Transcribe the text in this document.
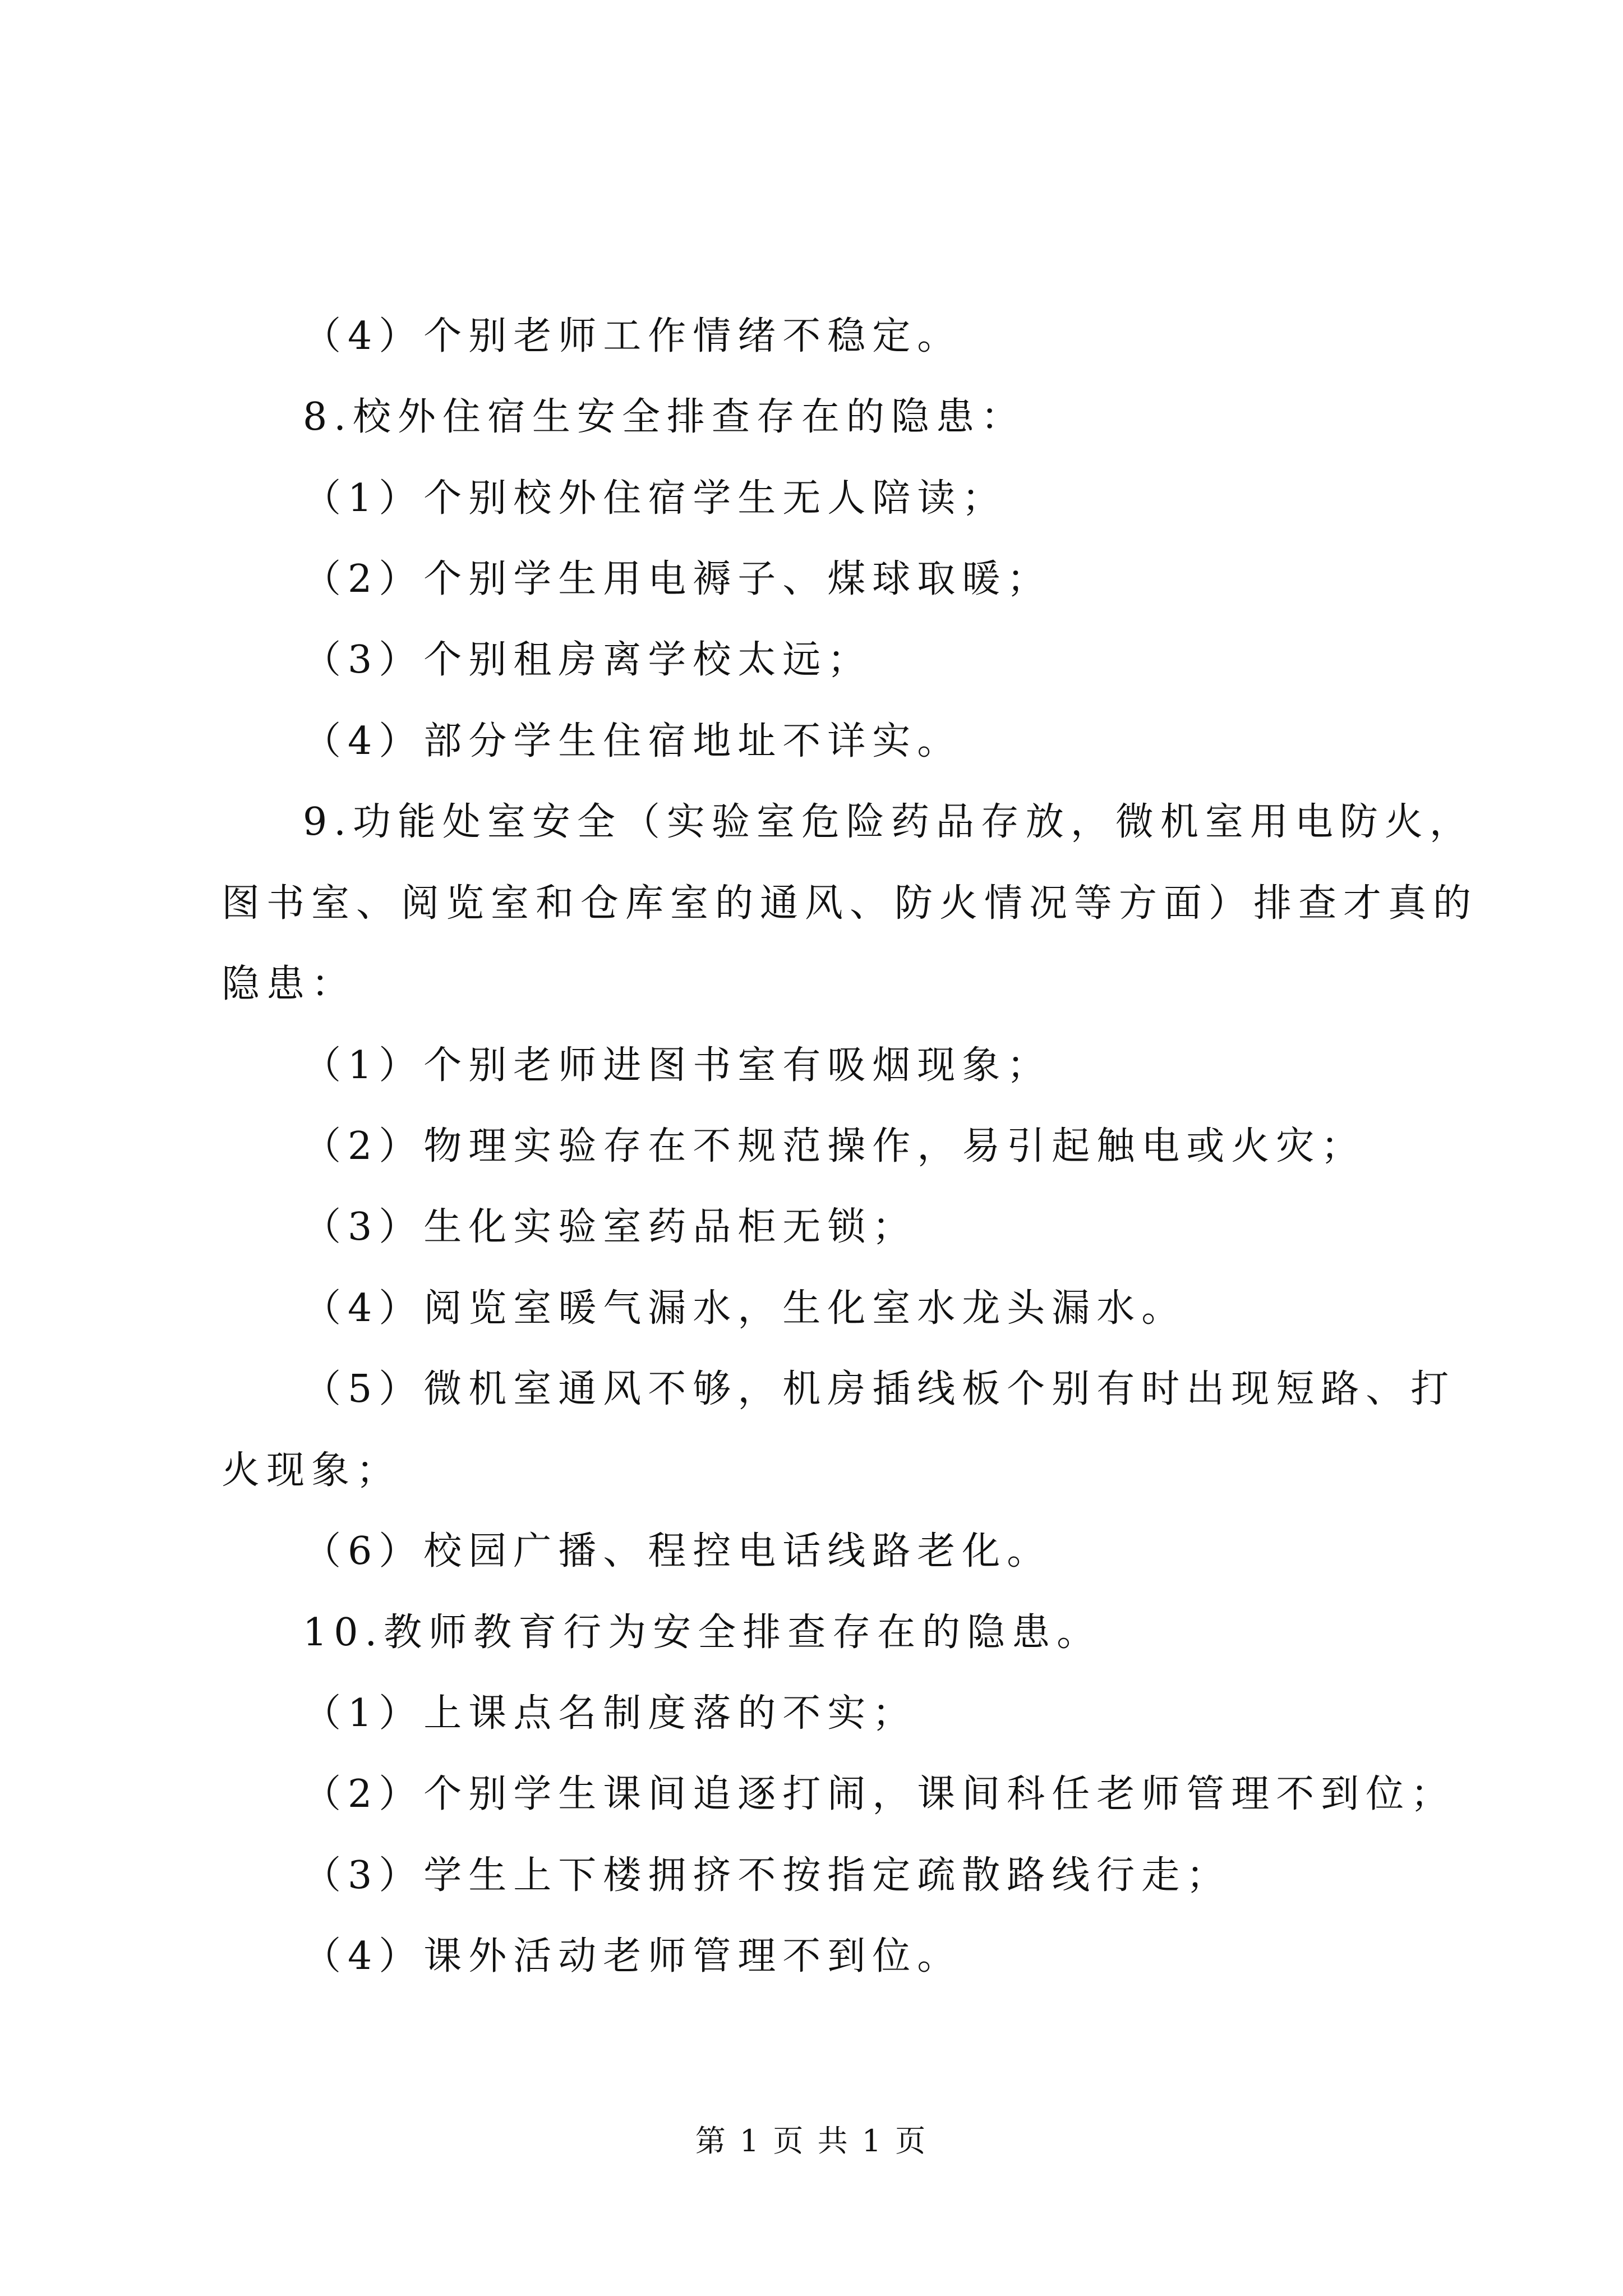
（4）个别老师工作情绪不稳定。
8.校外住宿生安全排查存在的隐患：
（1）个别校外住宿学生无人陪读；
（2）个别学生用电褥子、煤球取暖；
（3）个别租房离学校太远；
（4）部分学生住宿地址不详实。
9.功能处室安全（实验室危险药品存放，微机室用电防火，
图书室、阅览室和仓库室的通风、防火情况等方面）排查才真的
隐患：
（1）个别老师进图书室有吸烟现象；
（2）物理实验存在不规范操作，易引起触电或火灾；
（3）生化实验室药品柜无锁；
（4）阅览室暖气漏水，生化室水龙头漏水。
（5）微机室通风不够，机房插线板个别有时出现短路、打
火现象；
（6）校园广播、程控电话线路老化。
10.教师教育行为安全排查存在的隐患。
（1）上课点名制度落的不实；
（2）个别学生课间追逐打闹，课间科任老师管理不到位；
（3）学生上下楼拥挤不按指定疏散路线行走；
（4）课外活动老师管理不到位。
第 1 页 共 1 页
